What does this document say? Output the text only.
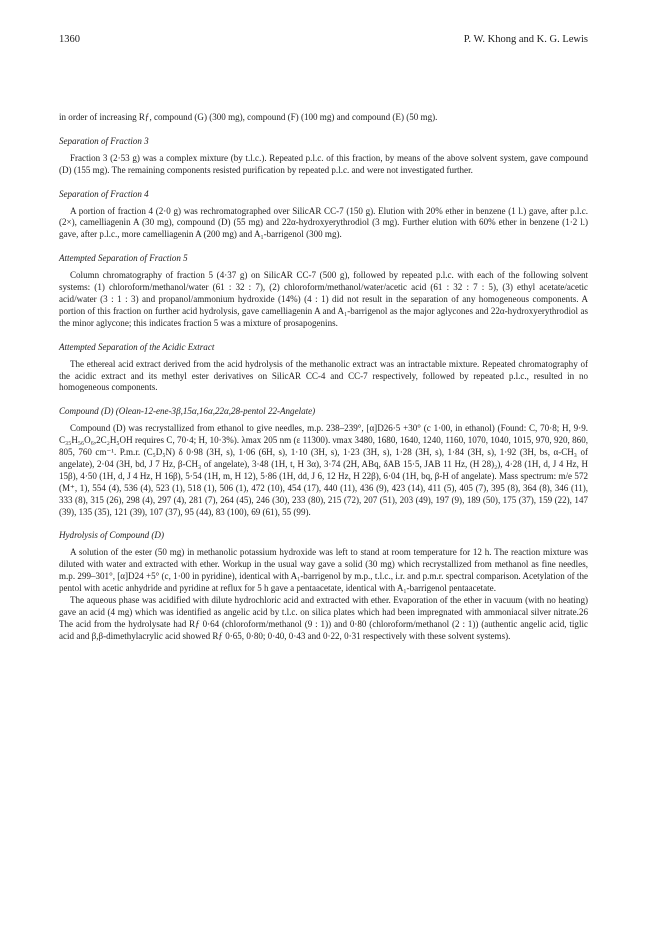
1360	P. W. Khong and K. G. Lewis

in order of increasing Rƒ, compound (G) (300 mg), compound (F) (100 mg) and compound (E) (50 mg).

Separation of Fraction 3

Fraction 3 (2·53 g) was a complex mixture (by t.l.c.). Repeated p.l.c. of this fraction, by means of the above solvent system, gave compound (D) (155 mg). The remaining components resisted purification by repeated p.l.c. and were not investigated further.

Separation of Fraction 4

A portion of fraction 4 (2·0 g) was rechromatographed over SilicAR CC-7 (150 g). Elution with 20% ether in benzene (1 l.) gave, after p.l.c. (2×), camelliagenin A (30 mg), compound (D) (55 mg) and 22α-hydroxyerythrodiol (3 mg). Further elution with 60% ether in benzene (1·2 l.) gave, after p.l.c., more camelliagenin A (200 mg) and A₁-barrigenol (300 mg).

Attempted Separation of Fraction 5

Column chromatography of fraction 5 (4·37 g) on SilicAR CC-7 (500 g), followed by repeated p.l.c. with each of the following solvent systems: (1) chloroform/methanol/water (61 : 32 : 7), (2) chloroform/methanol/water/acetic acid (61 : 32 : 7 : 5), (3) ethyl acetate/acetic acid/water (3 : 1 : 3) and propanol/ammonium hydroxide (14%) (4 : 1) did not result in the separation of any homogeneous components. A portion of this fraction on further acid hydrolysis, gave camelliagenin A and A₁-barrigenol as the major aglycones and 22α-hydroxyerythrodiol as the minor aglycone; this indicates fraction 5 was a mixture of prosapogenins.

Attempted Separation of the Acidic Extract

The ethereal acid extract derived from the acid hydrolysis of the methanolic extract was an intractable mixture. Repeated chromatography of the acidic extract and its methyl ester derivatives on SilicAR CC-4 and CC-7 respectively, followed by repeated p.l.c., resulted in no homogeneous components.

Compound (D) (Olean-12-ene-3β,15α,16α,22α,28-pentol 22-Angelate)

Compound (D) was recrystallized from ethanol to give needles, m.p. 238–239°, [α]D26·5 +30° (c 1·00, in ethanol) (Found: C, 70·8; H, 9·9. C₃₅H₅₆O₆,2C₂H₅OH requires C, 70·4; H, 10·3%). λmax 205 nm (ε 11300). νmax 3480, 1680, 1640, 1240, 1160, 1070, 1040, 1015, 970, 920, 860, 805, 760 cm⁻¹. P.m.r. (C₅D₅N) δ 0·98 (3H, s), 1·06 (6H, s), 1·10 (3H, s), 1·23 (3H, s), 1·28 (3H, s), 1·84 (3H, s), 1·92 (3H, bs, α-CH₃ of angelate), 2·04 (3H, bd, J 7 Hz, β-CH₃ of angelate), 3·48 (1H, t, H 3α), 3·74 (2H, ABq, δAB 15·5, JAB 11 Hz, (H 28)₂), 4·28 (1H, d, J 4 Hz, H 15β), 4·50 (1H, d, J 4 Hz, H 16β), 5·54 (1H, m, H 12), 5·86 (1H, dd, J 6, 12 Hz, H 22β), 6·04 (1H, bq, β-H of angelate). Mass spectrum: m/e 572 (M⁺, 1), 554 (4), 536 (4), 523 (1), 518 (1), 506 (1), 472 (10), 454 (17), 440 (11), 436 (9), 423 (14), 411 (5), 405 (7), 395 (8), 364 (8), 346 (11), 333 (8), 315 (26), 298 (4), 297 (4), 281 (7), 264 (45), 246 (30), 233 (80), 215 (72), 207 (51), 203 (49), 197 (9), 189 (50), 175 (37), 159 (22), 147 (39), 135 (35), 121 (39), 107 (37), 95 (44), 83 (100), 69 (61), 55 (99).

Hydrolysis of Compound (D)

A solution of the ester (50 mg) in methanolic potassium hydroxide was left to stand at room temperature for 12 h. The reaction mixture was diluted with water and extracted with ether. Workup in the usual way gave a solid (30 mg) which recrystallized from methanol as fine needles, m.p. 299–301°, [α]D24 +5° (c, 1·00 in pyridine), identical with A₁-barrigenol by m.p., t.l.c., i.r. and p.m.r. spectral comparison. Acetylation of the pentol with acetic anhydride and pyridine at reflux for 5 h gave a pentaacetate, identical with A₁-barrigenol pentaacetate.

The aqueous phase was acidified with dilute hydrochloric acid and extracted with ether. Evaporation of the ether in vacuum (with no heating) gave an acid (4 mg) which was identified as angelic acid by t.l.c. on silica plates which had been impregnated with ammoniacal silver nitrate.26 The acid from the hydrolysate had Rƒ 0·64 (chloroform/methanol (9 : 1)) and 0·80 (chloroform/methanol (2 : 1)) (authentic angelic acid, tiglic acid and β,β-dimethylacrylic acid showed Rƒ 0·65, 0·80; 0·40, 0·43 and 0·22, 0·31 respectively with these solvent systems).
